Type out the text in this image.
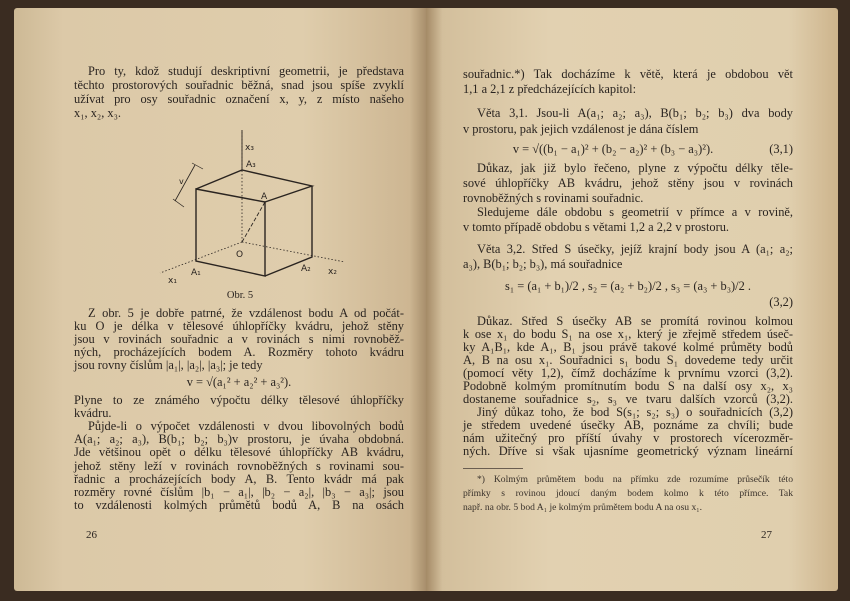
x₃
A₃
A
O
A₁	A₂
x₁
x₂
v
Obr. 5
Pro ty, kdož studují deskriptivní geometrii, je představa
těchto prostorových souřadnic běžná, snad jsou spíše zvyklí
užívat pro osy souřadnic označení x, y, z místo našeho
x₁, x₂, x₃.
Z obr. 5 je dobře patrné, že vzdálenost bodu A od počát-
ku O je délka v tělesové úhlopříčky kvádru, jehož stěny
jsou v rovinách souřadnic a v rovinách s nimi rovnoběž-
ných, procházejících bodem A. Rozměry tohoto kvádru
jsou rovny číslům |a₁|, |a₂|, |a₃|; je tedy
v = √(a₁² + a₂² + a₃²).
Plyne to ze známého výpočtu délky tělesové úhlopříčky
kvádru.
Půjde-li o výpočet vzdálenosti v dvou libovolných bodů
A(a₁; a₂; a₃), B(b₁; b₂; b₃)v prostoru, je úvaha obdobná.
Jde většinou opět o délku tělesové úhlopříčky AB kvádru,
jehož stěny leží v rovinách rovnoběžných s rovinami sou-
řadnic a procházejících body A, B. Tento kvádr má pak
rozměry rovné číslům |b₁ − a₁|, |b₂ − a₂|, |b₃ − a₃|; jsou
to vzdálenosti kolmých průmětů bodů A, B na osách
26
souřadnic.*) Tak docházíme k větě, která je obdobou vět
1,1 a 2,1 z předcházejících kapitol:
Věta 3,1. Jsou-li A(a₁; a₂; a₃), B(b₁; b₂; b₃) dva body
v prostoru, pak jejich vzdálenost je dána číslem
v = √((b₁ − a₁)² + (b₂ − a₂)² + (b₃ − a₃)²).	(3,1)
Důkaz, jak již bylo řečeno, plyne z výpočtu délky těle-
sové úhlopříčky AB kvádru, jehož stěny jsou v rovinách
rovnoběžných s rovinami souřadnic.
Sledujeme dále obdobu s geometrií v přímce a v rovině,
v tomto případě obdobu s větami 1,2 a 2,2 v prostoru.
Věta 3,2. Střed S úsečky, jejíž krajní body jsou A (a₁; a₂;
a₃), B(b₁; b₂; b₃), má souřadnice
s₁ = (a₁ + b₁)/2 , s₂ = (a₂ + b₂)/2 , s₃ = (a₃ + b₃)/2 .
(3,2)
Důkaz. Střed S úsečky AB se promítá rovinou kolmou
k ose x₁ do bodu S₁ na ose x₁, který je zřejmě středem úseč-
ky A₁B₁, kde A₁, B₁ jsou právě takové kolmé průměty bodů
A, B na osu x₁. Souřadnici s₁ bodu S₁ dovedeme tedy určit
(pomocí věty 1,2), čímž docházíme k prvnímu vzorci (3,2).
Podobně kolmým promítnutím bodu S na další osy x₂, x₃
dostaneme souřadnice s₂, s₃ ve tvaru dalších vzorců (3,2).
Jiný důkaz toho, že bod S(s₁; s₂; s₃) o souřadnicích (3,2)
je středem uvedené úsečky AB, poznáme za chvíli; bude
nám užitečný pro příští úvahy v prostorech vícerozměr-
ných. Dříve si však ujasníme geometrický význam lineární
*) Kolmým průmětem bodu na přímku zde rozumíme průsečík této
přímky s rovinou jdoucí daným bodem kolmo k této přímce. Tak
např. na obr. 5 bod A₁ je kolmým průmětem bodu A na osu x₁.
27
